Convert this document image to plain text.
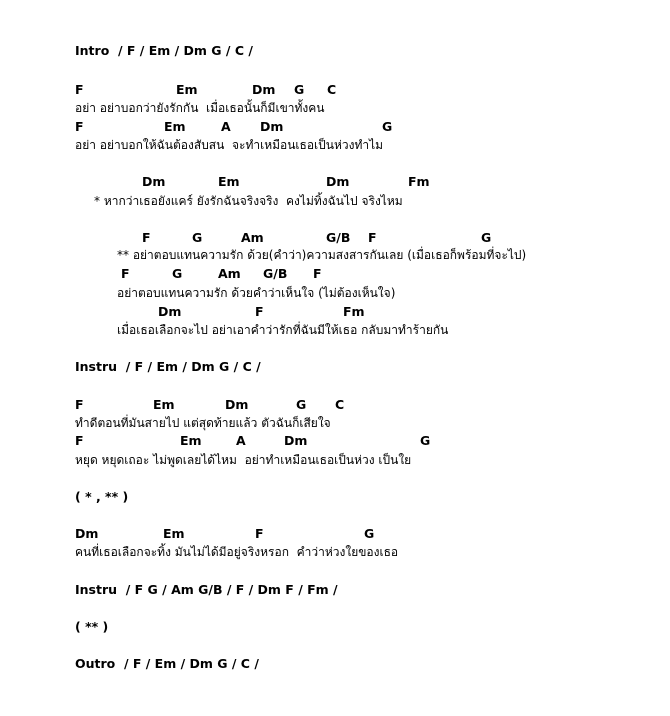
Intro  / F / Em / Dm G / C /
F	Em	Dm G C
อย่า อย่าบอกว่ายังรักกัน  เมื่อเธอนั้นก็มีเขาทั้งคน
F	Em	A Dm	G
อย่า อย่าบอกให้ฉันต้องสับสน  จะทำเหมือนเธอเป็นห่วงทำไม
Dm	Em	Dm	Fm
* หากว่าเธอยังแคร์ ยังรักฉันจริงจริง  คงไม่ทิ้งฉันไป จริงไหม
F	G	Am	G/B F	G
** อย่าตอบแทนความรัก ด้วย(คำว่า)ความสงสารกันเลย (เมื่อเธอก็พร้อมที่จะไป)
F	G	Am G/B F
อย่าตอบแทนความรัก ด้วยคำว่าเห็นใจ (ไม่ต้องเห็นใจ)
Dm	F	Fm
เมื่อเธอเลือกจะไป อย่าเอาคำว่ารักที่ฉันมีให้เธอ กลับมาทำร้ายกัน
Instru  / F / Em / Dm G / C /
F	Em	Dm	G C
ทำดีตอนที่มันสายไป แต่สุดท้ายแล้ว ตัวฉันก็เสียใจ
F	Em	A	Dm	G
หยุด หยุดเถอะ ไม่พูดเลยได้ไหม  อย่าทำเหมือนเธอเป็นห่วง เป็นใย
( * , ** )
Dm	Em	F	G
คนที่เธอเลือกจะทิ้ง มันไม่ได้มีอยู่จริงหรอก  คำว่าห่วงใยของเธอ
Instru  / F G / Am G/B / F / Dm F / Fm /
( ** )
Outro  / F / Em / Dm G / C /
